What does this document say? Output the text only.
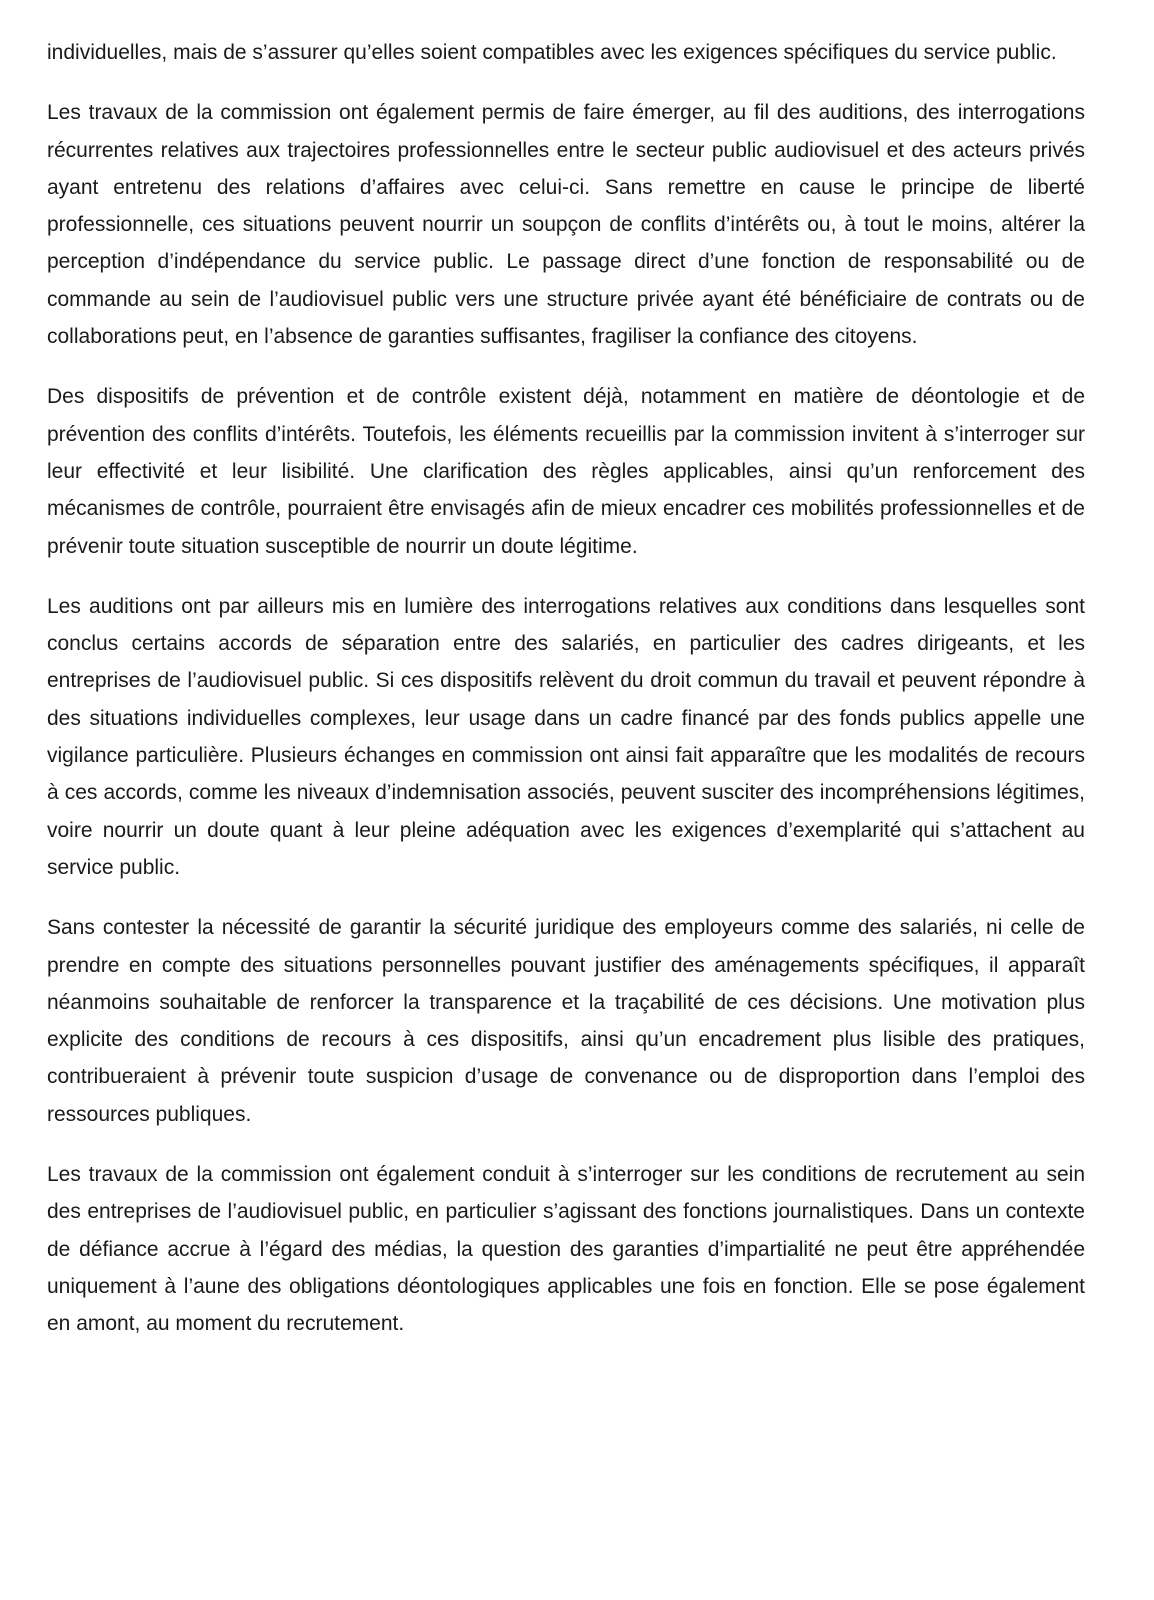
individuelles, mais de s’assurer qu’elles soient compatibles avec les exigences spécifiques du service public.

Les travaux de la commission ont également permis de faire émerger, au fil des auditions, des interrogations récurrentes relatives aux trajectoires professionnelles entre le secteur public audiovisuel et des acteurs privés ayant entretenu des relations d’affaires avec celui-ci. Sans remettre en cause le principe de liberté professionnelle, ces situations peuvent nourrir un soupçon de conflits d’intérêts ou, à tout le moins, altérer la perception d’indépendance du service public. Le passage direct d’une fonction de responsabilité ou de commande au sein de l’audiovisuel public vers une structure privée ayant été bénéficiaire de contrats ou de collaborations peut, en l’absence de garanties suffisantes, fragiliser la confiance des citoyens.

Des dispositifs de prévention et de contrôle existent déjà, notamment en matière de déontologie et de prévention des conflits d’intérêts. Toutefois, les éléments recueillis par la commission invitent à s’interroger sur leur effectivité et leur lisibilité. Une clarification des règles applicables, ainsi qu’un renforcement des mécanismes de contrôle, pourraient être envisagés afin de mieux encadrer ces mobilités professionnelles et de prévenir toute situation susceptible de nourrir un doute légitime.

Les auditions ont par ailleurs mis en lumière des interrogations relatives aux conditions dans lesquelles sont conclus certains accords de séparation entre des salariés, en particulier des cadres dirigeants, et les entreprises de l’audiovisuel public. Si ces dispositifs relèvent du droit commun du travail et peuvent répondre à des situations individuelles complexes, leur usage dans un cadre financé par des fonds publics appelle une vigilance particulière. Plusieurs échanges en commission ont ainsi fait apparaître que les modalités de recours à ces accords, comme les niveaux d’indemnisation associés, peuvent susciter des incompréhensions légitimes, voire nourrir un doute quant à leur pleine adéquation avec les exigences d’exemplarité qui s’attachent au service public.

Sans contester la nécessité de garantir la sécurité juridique des employeurs comme des salariés, ni celle de prendre en compte des situations personnelles pouvant justifier des aménagements spécifiques, il apparaît néanmoins souhaitable de renforcer la transparence et la traçabilité de ces décisions. Une motivation plus explicite des conditions de recours à ces dispositifs, ainsi qu’un encadrement plus lisible des pratiques, contribueraient à prévenir toute suspicion d’usage de convenance ou de disproportion dans l’emploi des ressources publiques.

Les travaux de la commission ont également conduit à s’interroger sur les conditions de recrutement au sein des entreprises de l’audiovisuel public, en particulier s’agissant des fonctions journalistiques. Dans un contexte de défiance accrue à l’égard des médias, la question des garanties d’impartialité ne peut être appréhendée uniquement à l’aune des obligations déontologiques applicables une fois en fonction. Elle se pose également en amont, au moment du recrutement.
